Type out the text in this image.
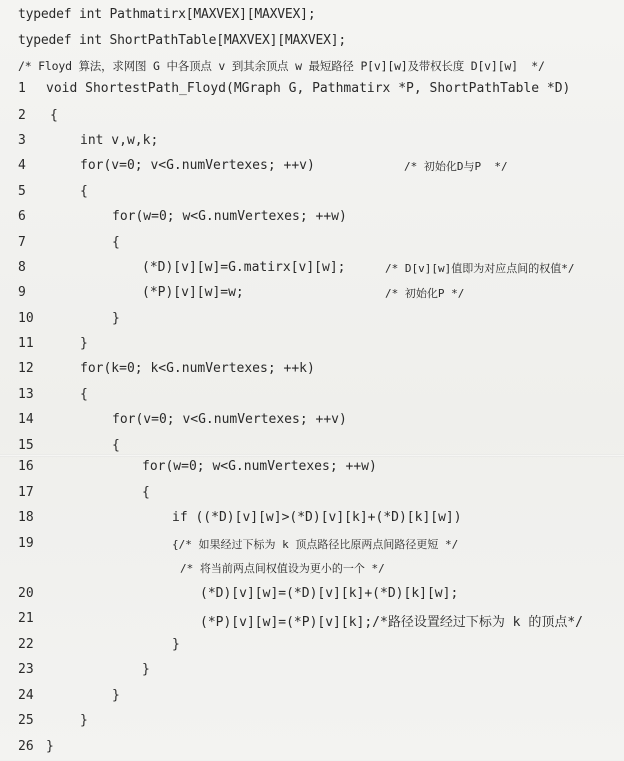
typedef int Pathmatirx[MAXVEX][MAXVEX];
typedef int ShortPathTable[MAXVEX][MAXVEX];
/* Floyd 算法，求网图 G 中各顶点 v 到其余顶点 w 最短路径 P[v][w]及带权长度 D[v][w]  */
1	void ShortestPath_Floyd(MGraph G, Pathmatirx *P, ShortPathTable *D)
2	{
3	int v,w,k;
4	for(v=0; v<G.numVertexes; ++v)	/* 初始化D与P  */
5	{
6	for(w=0; w<G.numVertexes; ++w)
7	{
8	(*D)[v][w]=G.matirx[v][w];	/* D[v][w]值即为对应点间的权值*/
9	(*P)[v][w]=w;	/* 初始化P */
10	}
11	}
12	for(k=0; k<G.numVertexes; ++k)
13	{
14	for(v=0; v<G.numVertexes; ++v)
15	{
16	for(w=0; w<G.numVertexes; ++w)
17	{
18	if ((*D)[v][w]>(*D)[v][k]+(*D)[k][w])
19	{/* 如果经过下标为 k 顶点路径比原两点间路径更短 */
/* 将当前两点间权值设为更小的一个 */
20	(*D)[v][w]=(*D)[v][k]+(*D)[k][w];
21	(*P)[v][w]=(*P)[v][k];/*路径设置经过下标为 k 的顶点*/
22	}
23	}
24	}
25	}
26 }
